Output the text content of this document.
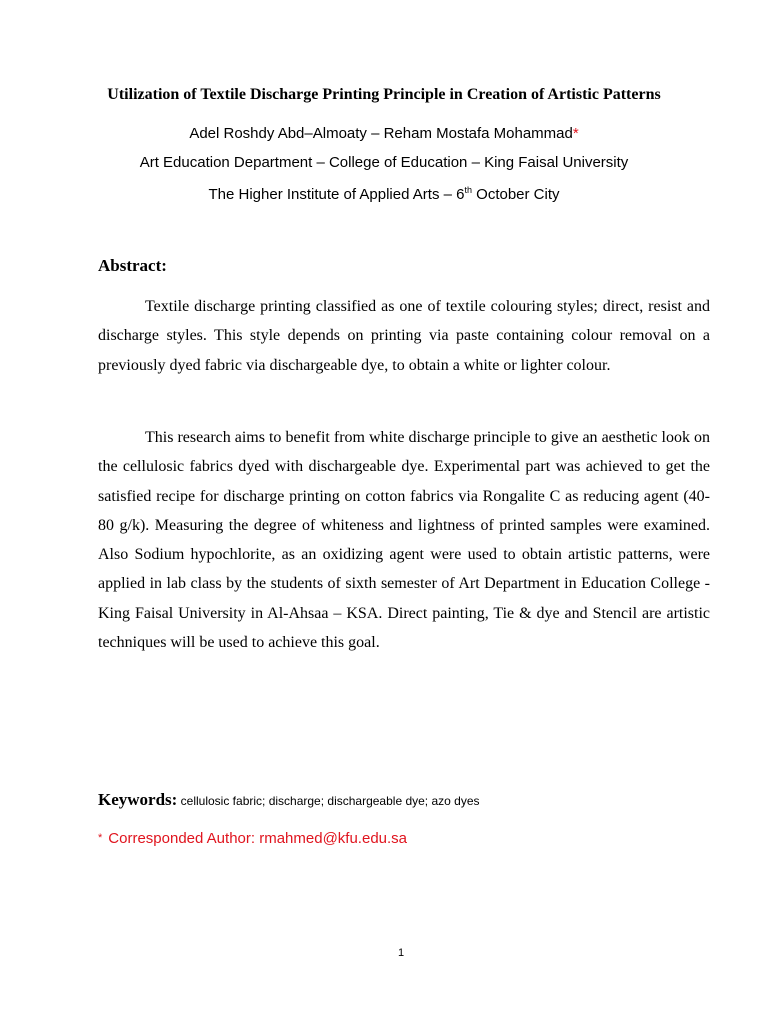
Utilization of Textile Discharge Printing Principle in Creation of Artistic Patterns
Adel Roshdy Abd–Almoaty – Reham Mostafa Mohammad*
Art Education Department – College of Education – King Faisal University
The Higher Institute of Applied Arts – 6th October City
Abstract:

Textile discharge printing classified as one of textile colouring styles; direct, resist and discharge styles. This style depends on printing via paste containing colour removal on a previously dyed fabric via dischargeable dye, to obtain a white or lighter colour.

This research aims to benefit from white discharge principle to give an aesthetic look on the cellulosic fabrics dyed with dischargeable dye. Experimental part was achieved to get the satisfied recipe for discharge printing on cotton fabrics via Rongalite C as reducing agent (40-80 g/k). Measuring the degree of whiteness and lightness of printed samples were examined. Also Sodium hypochlorite, as an oxidizing agent were used to obtain artistic patterns, were applied in lab class by the students of sixth semester of Art Department in Education College - King Faisal University in Al-Ahsaa – KSA. Direct painting, Tie & dye and Stencil are artistic techniques will be used to achieve this goal.

Keywords: cellulosic fabric; discharge; dischargeable dye; azo dyes
* Corresponded Author: rmahmed@kfu.edu.sa
1
